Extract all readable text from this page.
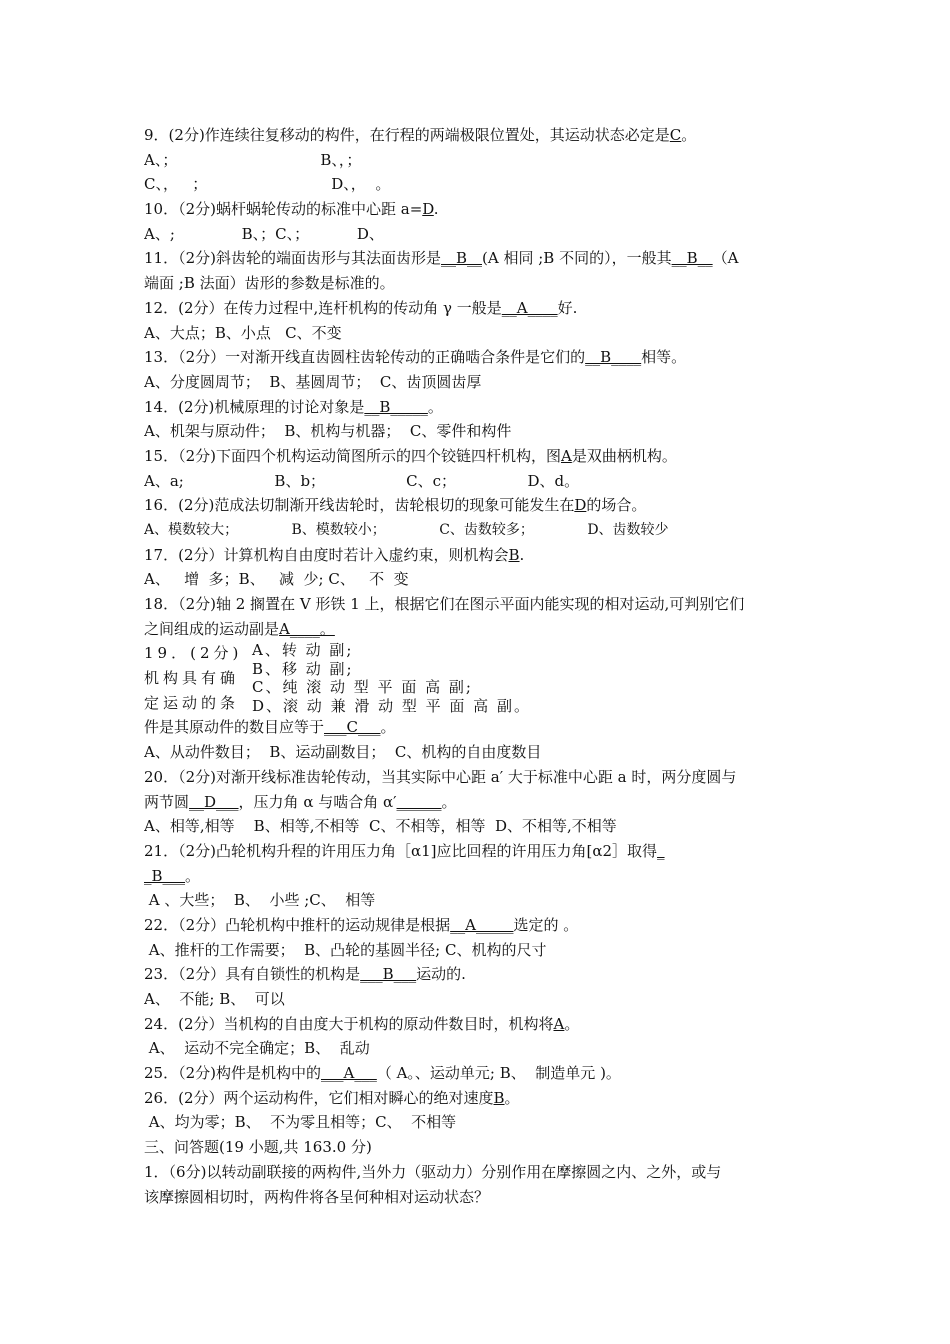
9．(2分)作连续往复移动的构件，在行程的两端极限位置处，其运动状态必定是C。
A、；                              B、，；
C、，   ；                          D、，  。
10．（2分)蜗杆蜗轮传动的标准中心距 a=D.
A、;              B、；C、；          D、
11．（2分)斜齿轮的端面齿形与其法面齿形是__B__(A 相同 ;B 不同的），一般其__B__（A
端面 ;B 法面）齿形的参数是标准的。
12．(2分）在传力过程中,连杆机构的传动角 γ 一般是__A____好.
A、大点；B、小点   C、不变
13．（2分）一对渐开线直齿圆柱齿轮传动的正确啮合条件是它们的__B____相等。
A、分度圆周节；  B、基圆周节；  C、齿顶圆齿厚
14．(2分)机械原理的讨论对象是__B_____。
A、机架与原动件；  B、机构与机器；  C、零件和构件
15．（2分)下面四个机构运动简图所示的四个铰链四杆机构，图A是双曲柄机构。
A、a;                   B、b；                 C、c；               D、d。
16．(2分)范成法切制渐开线齿轮时，齿轮根切的现象可能发生在D的场合。
A、模数较大；            B、模数较小；            C、齿数较多；            D、齿数较少
17．(2分）计算机构自由度时若计入虚约束，则机构会B.
A、   增  多；B、   减  少; C、   不  变
18．（2分)轴 2 搁置在 V 形铁 1 上，根据它们在图示平面内能实现的相对运动,可判别它们
之间组成的运动副是A____。
19．(2分)机构具有确定运动的条
A、转 动 副;
B、移 动 副;
C、纯 滚 动 型 平 面 高 副;
D、滚 动 兼 滑 动 型 平 面 高 副。
件是其原动件的数目应等于___C___。
A、从动件数目；  B、运动副数目；  C、机构的自由度数目
20．（2分)对渐开线标准齿轮传动，当其实际中心距 a′ 大于标准中心距 a 时，两分度圆与
两节圆__D___，压力角 α 与啮合角 α′______。
A、相等,相等    B、相等,不相等  C、不相等，相等  D、不相等,不相等
21．（2分)凸轮机构升程的许用压力角［α1]应比回程的许用压力角[α2］取得_
_B___。
A 、大些；  B、  小些 ;C、  相等
22．（2分）凸轮机构中推杆的运动规律是根据__A_____选定的 。
A、推杆的工作需要；  B、凸轮的基圆半径; C、机构的尺寸
23．（2分）具有自锁性的机构是___B___运动的.
A、  不能; B、  可以
24．(2分）当机构的自由度大于机构的原动件数目时，机构将A。
A、  运动不完全确定；B、  乱动
25．（2分)构件是机构中的___A___（ A。、运动单元; B、  制造单元 )。
26．(2分）两个运动构件，它们相对瞬心的绝对速度B。
A、均为零；B、  不为零且相等；C、  不相等
三、问答题(19 小题,共 163.0 分)
1．（6分)以转动副联接的两构件,当外力（驱动力）分别作用在摩擦圆之内、之外，或与
该摩擦圆相切时，两构件将各呈何种相对运动状态？
